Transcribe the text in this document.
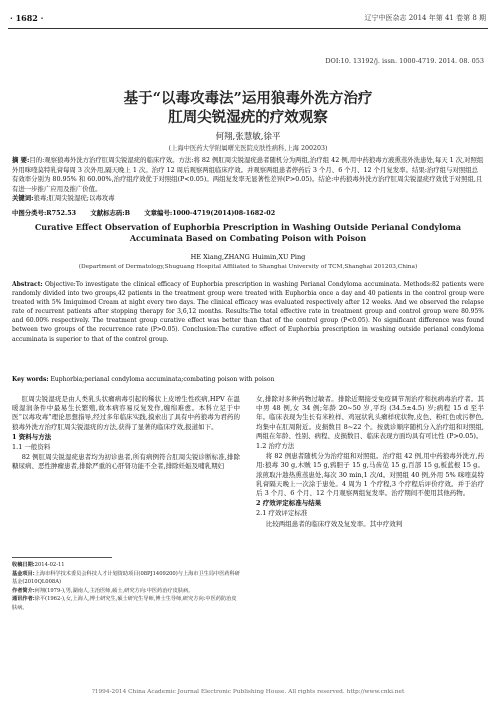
· 1682 ·	辽宁中医杂志 2014 年第 41 卷第 8 期
DOI:10. 13192/j. issn. 1000-4719. 2014. 08. 053
基于“以毒攻毒法”运用狼毒外洗方治疗
肛周尖锐湿疣的疗效观察
何翔,张慧敏,徐平
(上海中医药大学附属曙光医院皮肤性病科,上海 200203)
摘 要:目的:观察狼毒外洗方治疗肛周尖锐湿疣的临床疗效。方法:将 82 例肛周尖锐湿疣患者随机分为两组,治疗组 42 例,用中药狼毒方液熏蒸外洗患处,每天 1 次,对照组外用咪喹莫特乳膏每周 3 次外用,隔天晚上 1 次。治疗 12 周后观察两组临床疗效。并观察两组患者停药后 3 个月、6 个月、12 个月复发率。结果:治疗组与对照组总有效率分别为 80.95% 和 60.00%,治疗组疗效优于对照组(P<0.05)。两组复发率无显著性差异(P>0.05)。结论:中药狼毒外洗方治疗肛周尖锐湿疣疗效优于对照组,且有进一步推广应用及推广价值。
关键词:狼毒;肛周尖锐湿疣;以毒攻毒
中图分类号:R752.53 文献标志码:B 文章编号:1000-4719(2014)08-1682-02
Curative Effect Observation of Euphorbia Prescription in Washing Outside Perianal Condyloma
Accuminata Based on Combating Poison with Poison
HE Xiang,ZHANG Huimin,XU Ping
(Department of Dermatology,Shuguang Hospital Affiliated to Shanghai University of TCM,Shanghai 201203,China)
Abstract: Objective:To investigate the clinical efficacy of Euphorbia prescription in washing Perianal Condyloma accuminata. Methods:82 patients were randomly divided into two groups,42 patients in the treatment group were treated with Euphorbia once a day and 40 patients in the control group were treated with 5% Imiquimod Cream at night every two days. The clinical efficacy was evaluated respectively after 12 weeks. And we observed the relapse rate of recurrent patients after stopping therapy for 3,6,12 months. Results:The total effective rate in treatment group and control group were 80.95% and 60.00% respectively. The treatment group curative effect was better than that of the control group (P<0.05). No significant difference was found between two groups of the recurrence rate (P>0.05). Conclusion:The curative effect of Euphorbia prescription in washing outside perianal condyloma accuminata is superior to that of the control group.
Key words: Euphorbia;perianal condyloma accuminata;combating poison with poison

肛周尖锐湿疣是由人类乳头状瘤病毒引起的稀状上皮增生性疾病,HPV 在温暖湿润条件中最易生长繁殖,故本病容易反复发作,缠绵难愈。本科立足于中医“以毒攻毒”理论思想指导,经过多年临床实践,摸索出了具有中药狼毒为君药的狼毒外洗方治疗肛周尖锐湿疣的方法,获得了显著的临床疗效,报道如下。

1 资料与方法
1.1 一般资料

82 例肛周尖锐湿疣患者均为初诊患者,所有病例符合肛周尖锐诊断标准,排除糖尿病、恶性肿瘤患者,排除严重的心肝肾功能不全者,排除妊娠及哺乳期妇

收稿日期:2014-02-11
基金项目:上海市科学技术委员会科技人才计划资助项目(08PJ1409200)与上海市卫生局中医药科研基金(2010QL008A)
作者简介:何翔(1979-),男,湖南人,主治医师,硕士,研究方向:中医药治疗皮肤病。
通讯作者:徐平(1962-),女,上海人,博士研究生,硕士研究生导师,博士生导师,研究方向:中医药防治皮肤病。

女,排除对多种药物过敏者。排除近期接受免疫调节剂治疗和抗病毒治疗者。其中男 48 例,女 34 例;年龄 20~50 岁,平均 (34.5±4.5) 岁;病程 15 d 至半年。临床表现为生长有米粒样、鸡冠状乳头瘤样疣状物,皮色、粉红色或污秽色,均集中在肛周附近。皮损数目 8~22 个。按就诊顺序随机分入治疗组和对照组,两组在年龄、性别、病程、皮损数目、临床表现方面均具有可比性 (P>0.05)。

1.2 治疗方法

将 82 例患者随机分为治疗组和对照组。治疗组 42 例,用中药狼毒外洗方,药用:狼毒 30 g,木贼 15 g,鸦胆子 15 g,马齿苋 15 g,百部 15 g,板蓝根 15 g。浓煎取汁趁热熏蒸患处,每次 30 min,1 次/d。对照组 40 例,外用 5% 咪喹莫特乳膏隔天晚上一次涂于患处。4 周为 1 个疗程,3 个疗程后评价疗效。并于治疗后 3 个月、6 个月、12 个月观察两组复发率。治疗期间不使用其他药物。

2 疗效评定标准与结果
2.1 疗效评定标准

比较两组患者的临床疗效及复发率。其中疗效判

?1994-2014 China Academic Journal Electronic Publishing House. All rights reserved. http://www.cnki.net
